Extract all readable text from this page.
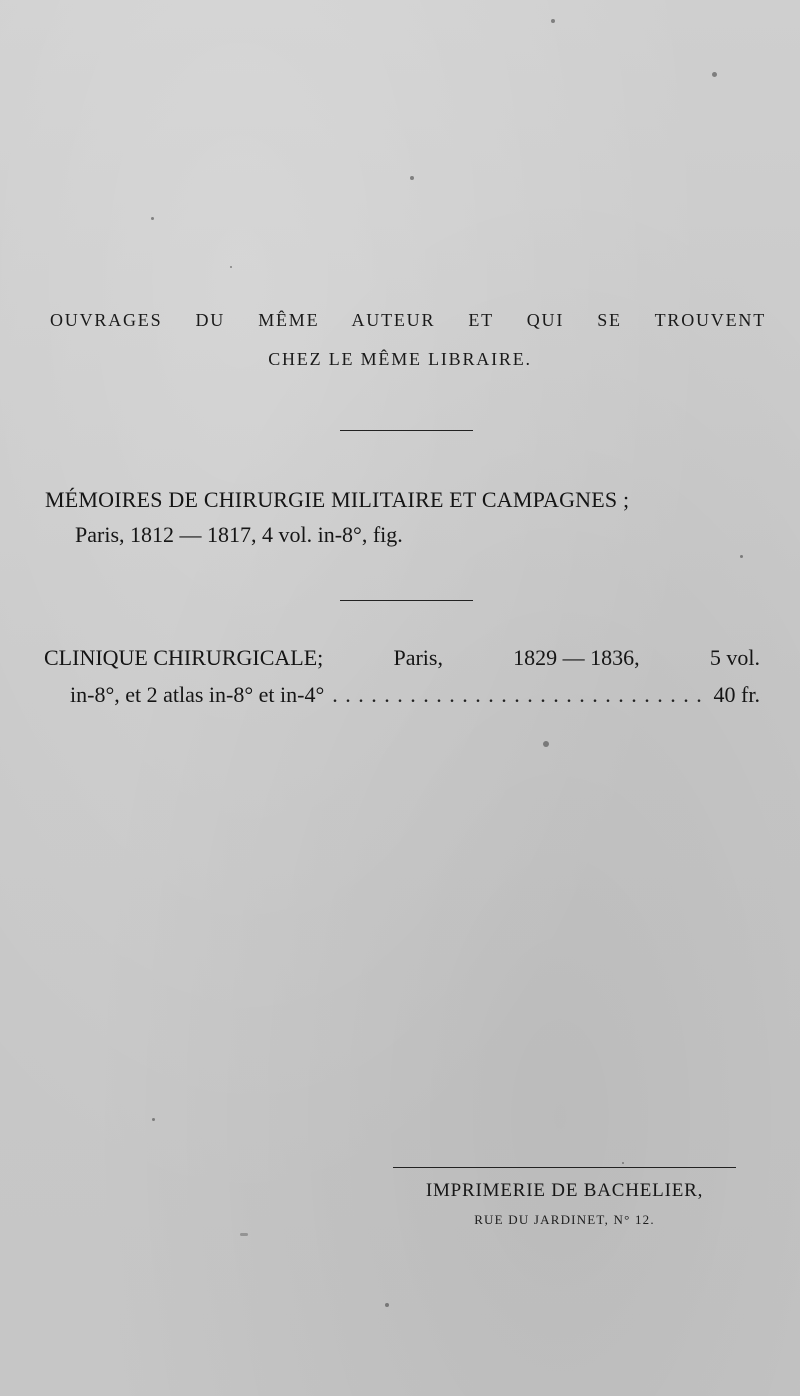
OUVRAGES DU MÊME AUTEUR ET QUI SE TROUVENT
CHEZ LE MÊME LIBRAIRE.
MÉMOIRES DE CHIRURGIE MILITAIRE ET CAMPAGNES ;
Paris, 1812 — 1817, 4 vol. in-8°, fig.
CLINIQUE CHIRURGICALE;	Paris,	1829 — 1836,	5 vol.
in-8°, et 2 atlas in-8° et in-4°
. . .	40 fr.
IMPRIMERIE DE BACHELIER,
RUE DU JARDINET, N° 12.
